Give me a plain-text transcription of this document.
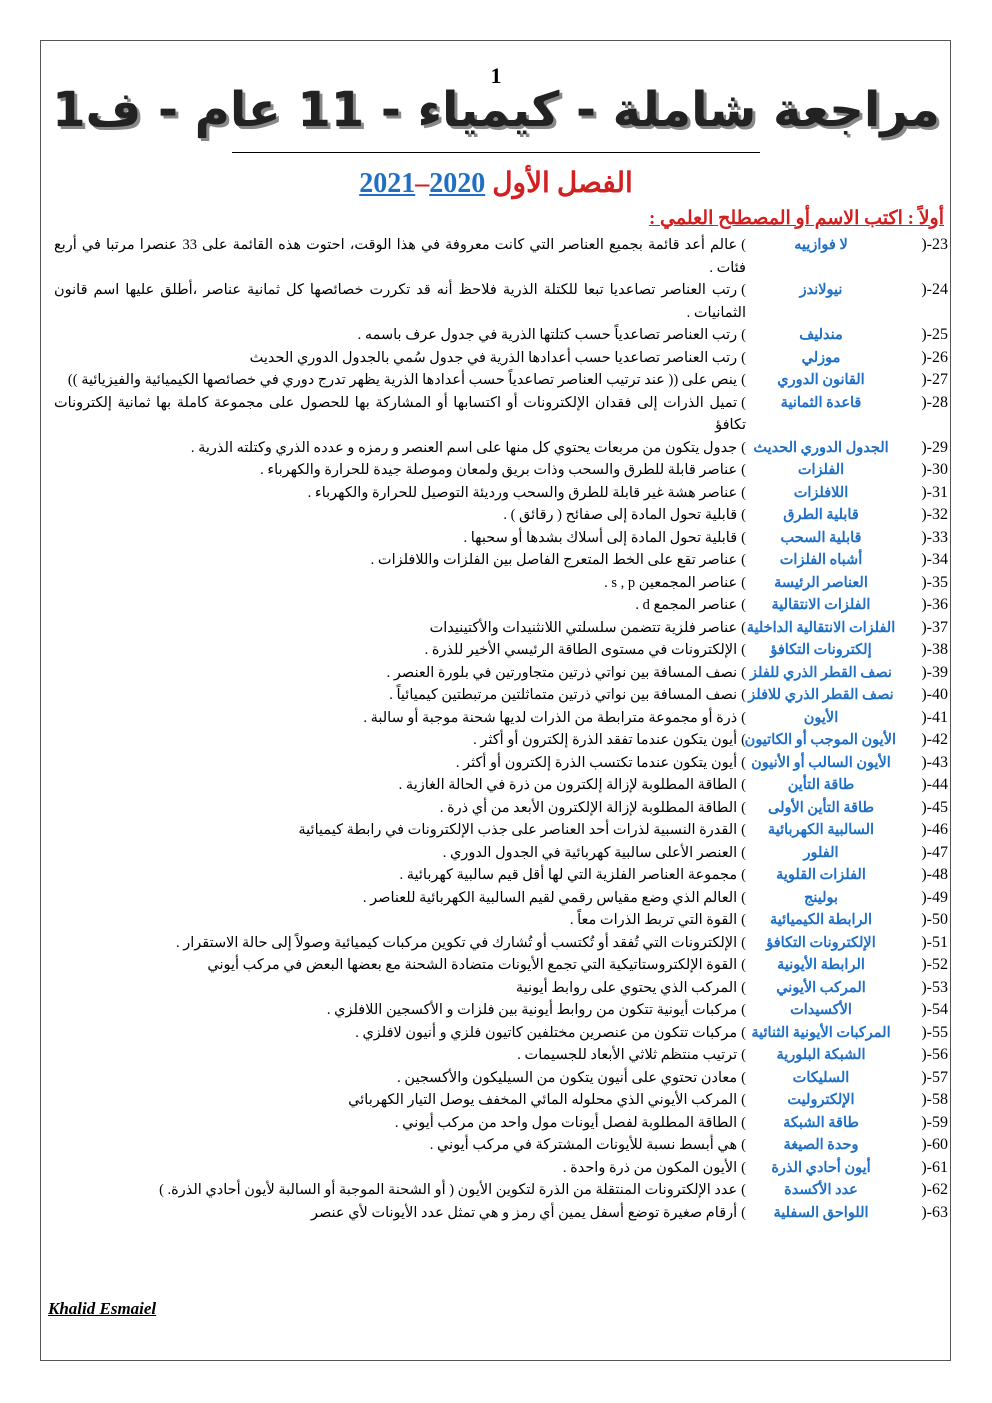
1
مراجعة شاملة - كيمياء - 11 عام - ف1
الفصل الأول 2020–2021
أولاً : اكتب الاسم أو المصطلح العلمي :
23-(
لا فوازييه
)عالم أعد قائمة بجميع العناصر التي كانت معروفة في هذا الوقت، احتوت هذه القائمة على 33 عنصرا مرتبا في أربع فئات .
24-(
نيولاندز
)رتب العناصر تصاعديا تبعا للكتلة الذرية فلاحظ أنه قد تكررت خصائصها كل ثمانية عناصر ،أطلق عليها اسم قانون الثمانيات .
25-(
مندليف
)رتب العناصر تصاعدياً حسب كتلتها الذرية في جدول عرف باسمه .
26-(
موزلي
)رتب العناصر تصاعديا حسب أعدادها الذرية في جدول سُمي بالجدول الدوري الحديث
27-(
القانون الدوري
)ينص على (( عند ترتيب العناصر تصاعدياً حسب أعدادها الذرية يظهر تدرج دوري في خصائصها الكيميائية والفيزيائية ))
28-(
قاعدة الثمانية
)تميل الذرات إلى فقدان الإلكترونات أو اكتسابها أو المشاركة بها للحصول على مجموعة كاملة بها ثمانية إلكترونات تكافؤ
29-(
الجدول الدوري الحديث
)جدول يتكون من مربعات يحتوي كل منها على اسم العنصر و رمزه و عدده الذري وكتلته الذرية .
30-(
الفلزات
)عناصر قابلة للطرق والسحب وذات بريق ولمعان وموصلة جيدة للحرارة والكهرباء .
31-(
اللافلزات
)عناصر هشة غير قابلة للطرق والسحب ورديئة التوصيل للحرارة والكهرباء .
32-(
قابلية الطرق
)قابلية تحول المادة إلى صفائح ( رقائق ) .
33-(
قابلية السحب
)قابلية تحول المادة إلى أسلاك بشدها أو سحبها .
34-(
أشباه الفلزات
)عناصر تقع على الخط المتعرج الفاصل بين الفلزات واللافلزات .
35-(
العناصر الرئيسة
)عناصر المجمعين s , p .
36-(
الفلزات الانتقالية
)عناصر المجمع d .
37-(
الفلزات الانتقالية الداخلية
)عناصر فلزية تتضمن سلسلتي اللانثنيدات والأكتينيدات
38-(
إلكترونات التكافؤ
)الإلكترونات في مستوى الطاقة الرئيسي الأخير للذرة .
39-(
نصف القطر الذري للفلز
)نصف المسافة بين نواتي ذرتين متجاورتين في بلورة العنصر .
40-(
نصف القطر الذري للافلز
)نصف المسافة بين نواتي ذرتين متماثلتين مرتبطتين كيميائياً .
41-(
الأيون
)ذرة أو مجموعة مترابطة من الذرات لديها شحنة موجبة أو سالبة .
42-(
الأيون الموجب أو الكاتيون
)أيون يتكون عندما تفقد الذرة إلكترون أو أكثر .
43-(
الأيون السالب أو الأنيون
)أيون يتكون عندما تكتسب الذرة إلكترون أو أكثر .
44-(
طاقة التأين
)الطاقة المطلوبة لإزالة إلكترون من ذرة في الحالة الغازية .
45-(
طاقة التأين الأولى
)الطاقة المطلوبة لإزالة الإلكترون الأبعد من أي ذرة .
46-(
السالبية الكهربائية
)القدرة النسبية لذرات أحد العناصر على جذب الإلكترونات في رابطة كيميائية
47-(
الفلور
)العنصر الأعلى سالبية كهربائية في الجدول الدوري .
48-(
الفلزات القلوية
)مجموعة العناصر الفلزية التي لها أقل قيم سالبية كهربائية .
49-(
بولينج
)العالم الذي وضع مقياس رقمي لقيم السالبية الكهربائية للعناصر .
50-(
الرابطة الكيميائية
)القوة التي تربط الذرات معاً .
51-(
الإلكترونات التكافؤ
)الإلكترونات التي تُفقد أو تُكتسب أو تُشارك في تكوين مركبات كيميائية وصولاً إلى حالة الاستقرار .
52-(
الرابطة الأيونية
)القوة الإلكتروستاتيكية التي تجمع الأيونات متضادة الشحنة مع بعضها البعض في مركب أيوني
53-(
المركب الأيوني
)المركب الذي يحتوي على روابط أيونية
54-(
الأكسيدات
)مركبات أيونية تتكون من روابط أيونية بين فلزات و الأكسجين اللافلزي .
55-(
المركبات الأيونية الثنائية
)مركبات تتكون من عنصرين مختلفين كاتيون فلزي و أنيون لافلزي .
56-(
الشبكة البلورية
)ترتيب منتظم ثلاثي الأبعاد للجسيمات .
57-(
السليكات
)معادن تحتوي على أنيون يتكون من السيليكون والأكسجين .
58-(
الإلكتروليت
)المركب الأيوني الذي محلوله المائي المخفف يوصل التيار الكهربائي
59-(
طاقة الشبكة
)الطاقة المطلوبة لفصل أيونات مول واحد من مركب أيوني .
60-(
وحدة الصيغة
)هي أبسط نسبة للأيونات المشتركة في مركب أيوني .
61-(
أيون أحادي الذرة
)الأيون المكون من ذرة واحدة .
62-(
عدد الأكسدة
)عدد الإلكترونات المنتقلة من الذرة لتكوين الأيون ( أو الشحنة الموجبة أو السالبة لأيون أحادي الذرة. )
63-(
اللواحق السفلية
)أرقام صغيرة توضع أسفل يمين أي رمز و هي تمثل عدد الأيونات لأي عنصر
Khalid Esmaiel
